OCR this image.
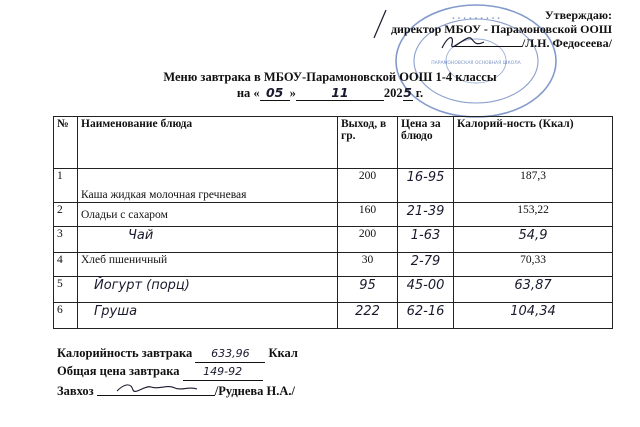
∙ ∙ ∙ ∙ ∙ ∙ ∙ ∙ ∙
ПАРАМОНОВСКАЯ ОСНОВНАЯ ШКОЛА
Утверждаю:
директор МБОУ - Парамоновской ООШ
/Л.Н. Федосеева/
Меню завтрака в МБОУ-Парамоновской ООШ 1-4 классы
на « 05 »	11	2025 г.
№	Наименование блюда	Выход, в гр.	Цена за блюдо	Калорий-ность (Ккал)
1	Каша жидкая молочная гречневая	200	16-95	187,3
2	Оладьи с сахаром	160	21-39	153,22
3	Чай	200	1-63	54,9
4	Хлеб пшеничный	30	2-79	70,33
5	Йогурт (порц)	95	45-00	63,87
6	Груша	222	62-16	104,34
Калорийность завтрака 633,96 Ккал
Общая цена завтрака 149-92
Завхоз	/Руднева Н.А./
